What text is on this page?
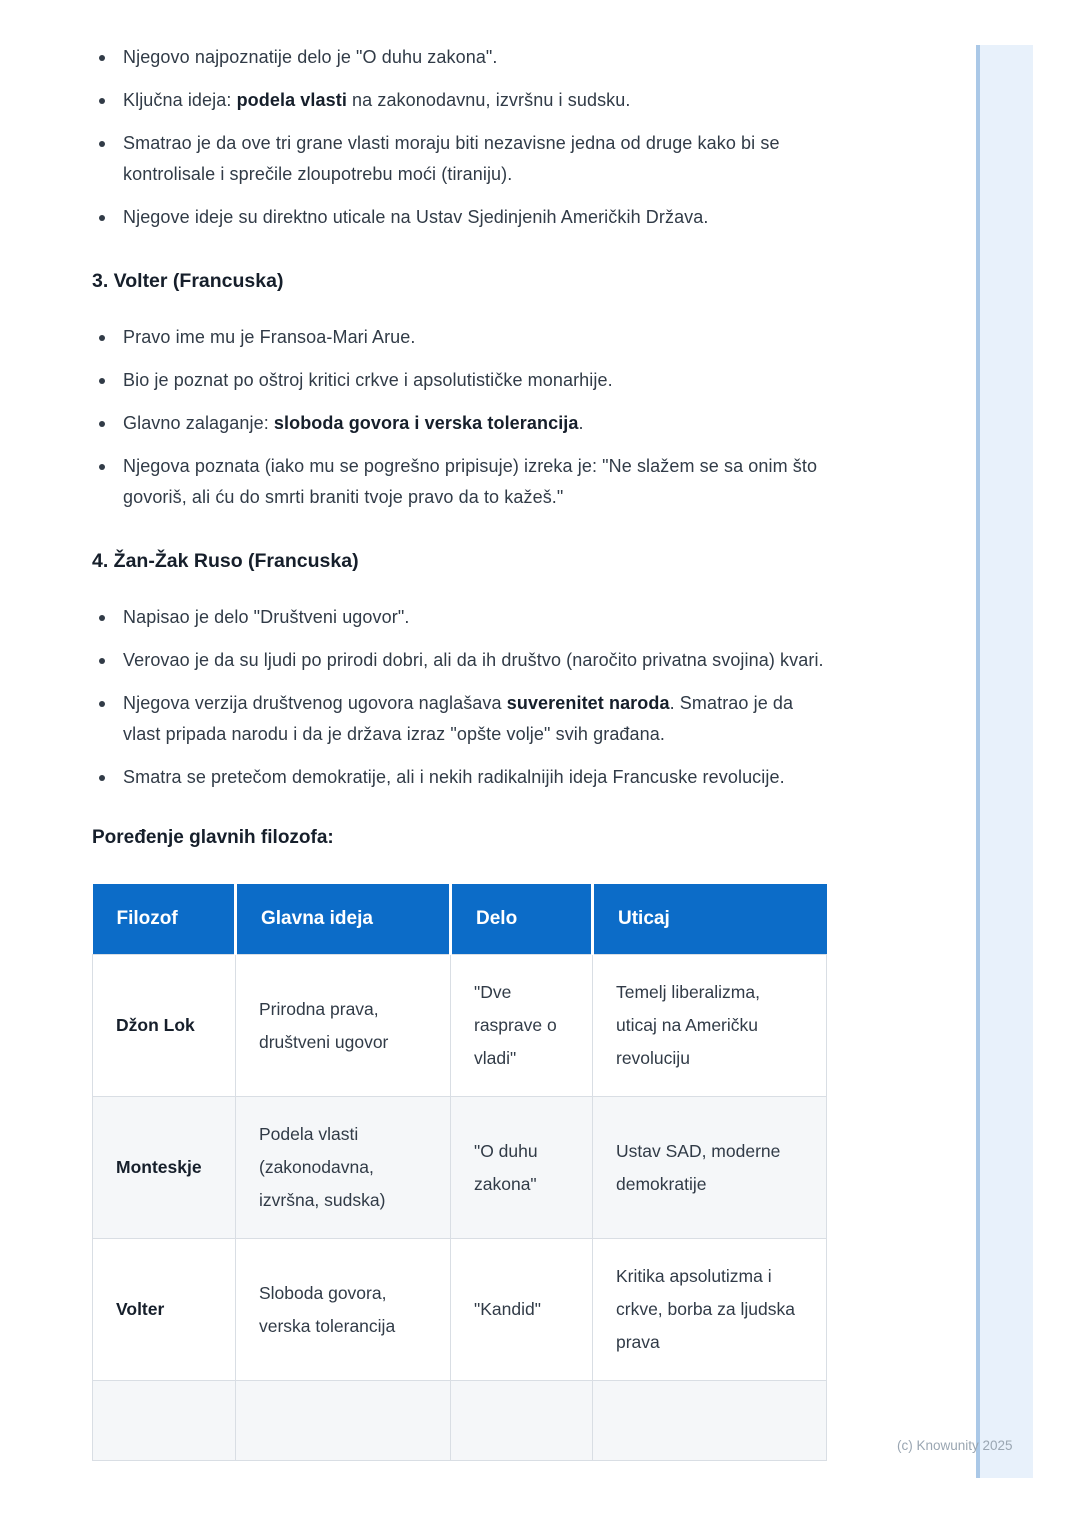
(c) Knowunity 2025
Njegovo najpoznatije delo je "O duhu zakona".
Ključna ideja: podela vlasti na zakonodavnu, izvršnu i sudsku.
Smatrao je da ove tri grane vlasti moraju biti nezavisne jedna od druge kako bi se kontrolisale i sprečile zloupotrebu moći (tiraniju).
Njegove ideje su direktno uticale na Ustav Sjedinjenih Američkih Država.
3. Volter (Francuska)
Pravo ime mu je Fransoa-Mari Arue.
Bio je poznat po oštroj kritici crkve i apsolutističke monarhije.
Glavno zalaganje: sloboda govora i verska tolerancija.
Njegova poznata (iako mu se pogrešno pripisuje) izreka je: "Ne slažem se sa onim što govoriš, ali ću do smrti braniti tvoje pravo da to kažeš."
4. Žan-Žak Ruso (Francuska)
Napisao je delo "Društveni ugovor".
Verovao je da su ljudi po prirodi dobri, ali da ih društvo (naročito privatna svojina) kvari.
Njegova verzija društvenog ugovora naglašava suverenitet naroda. Smatrao je da vlast pripada narodu i da je država izraz "opšte volje" svih građana.
Smatra se pretečom demokratije, ali i nekih radikalnijih ideja Francuske revolucije.
Poređenje glavnih filozofa:
Filozof	Glavna ideja	Delo	Uticaj
Džon Lok	Prirodna prava, društveni ugovor	"Dve rasprave o vladi"	Temelj liberalizma, uticaj na Američku revoluciju
Monteskje	Podela vlasti (zakonodavna, izvršna, sudska)	"O duhu zakona"	Ustav SAD, moderne demokratije
Volter	Sloboda govora, verska tolerancija	"Kandid"	Kritika apsolutizma i crkve, borba za ljudska prava
